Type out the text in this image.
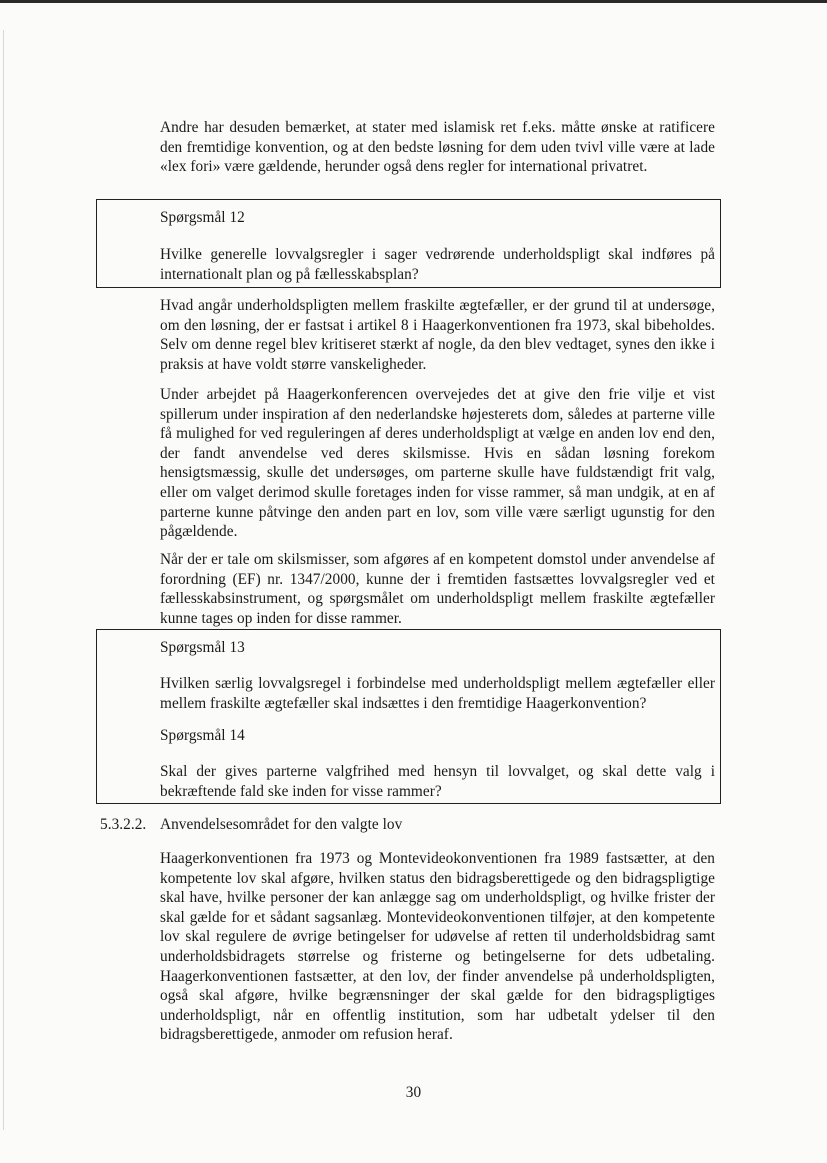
Andre har desuden bemærket, at stater med islamisk ret f.eks. måtte ønske at ratificere den fremtidige konvention, og at den bedste løsning for dem uden tvivl ville være at lade «lex fori» være gældende, herunder også dens regler for international privatret.

Spørgsmål 12

Hvilke generelle lovvalgsregler i sager vedrørende underholdspligt skal indføres på internationalt plan og på fællesskabsplan?

Hvad angår underholdspligten mellem fraskilte ægtefæller, er der grund til at undersøge, om den løsning, der er fastsat i artikel 8 i Haagerkonventionen fra 1973, skal bibeholdes. Selv om denne regel blev kritiseret stærkt af nogle, da den blev vedtaget, synes den ikke i praksis at have voldt større vanskeligheder.

Under arbejdet på Haagerkonferencen overvejedes det at give den frie vilje et vist spillerum under inspiration af den nederlandske højesterets dom, således at parterne ville få mulighed for ved reguleringen af deres underholdspligt at vælge en anden lov end den, der fandt anvendelse ved deres skilsmisse. Hvis en sådan løsning forekom hensigtsmæssig, skulle det undersøges, om parterne skulle have fuldstændigt frit valg, eller om valget derimod skulle foretages inden for visse rammer, så man undgik, at en af parterne kunne påtvinge den anden part en lov, som ville være særligt ugunstig for den pågældende.

Når der er tale om skilsmisser, som afgøres af en kompetent domstol under anvendelse af forordning (EF) nr. 1347/2000, kunne der i fremtiden fastsættes lovvalgsregler ved et fællesskabsinstrument, og spørgsmålet om underholdspligt mellem fraskilte ægtefæller kunne tages op inden for disse rammer.

Spørgsmål 13

Hvilken særlig lovvalgsregel i forbindelse med underholdspligt mellem ægtefæller eller mellem fraskilte ægtefæller skal indsættes i den fremtidige Haagerkonvention?

Spørgsmål 14

Skal der gives parterne valgfrihed med hensyn til lovvalget, og skal dette valg i bekræftende fald ske inden for visse rammer?

5.3.2.2. Anvendelsesområdet for den valgte lov

Haagerkonventionen fra 1973 og Montevideokonventionen fra 1989 fastsætter, at den kompetente lov skal afgøre, hvilken status den bidragsberettigede og den bidragspligtige skal have, hvilke personer der kan anlægge sag om underholdspligt, og hvilke frister der skal gælde for et sådant sagsanlæg. Montevideokonventionen tilføjer, at den kompetente lov skal regulere de øvrige betingelser for udøvelse af retten til underholdsbidrag samt underholdsbidragets størrelse og fristerne og betingelserne for dets udbetaling. Haagerkonventionen fastsætter, at den lov, der finder anvendelse på underholdspligten, også skal afgøre, hvilke begrænsninger der skal gælde for den bidragspligtiges underholdspligt, når en offentlig institution, som har udbetalt ydelser til den bidragsberettigede, anmoder om refusion heraf.

30
